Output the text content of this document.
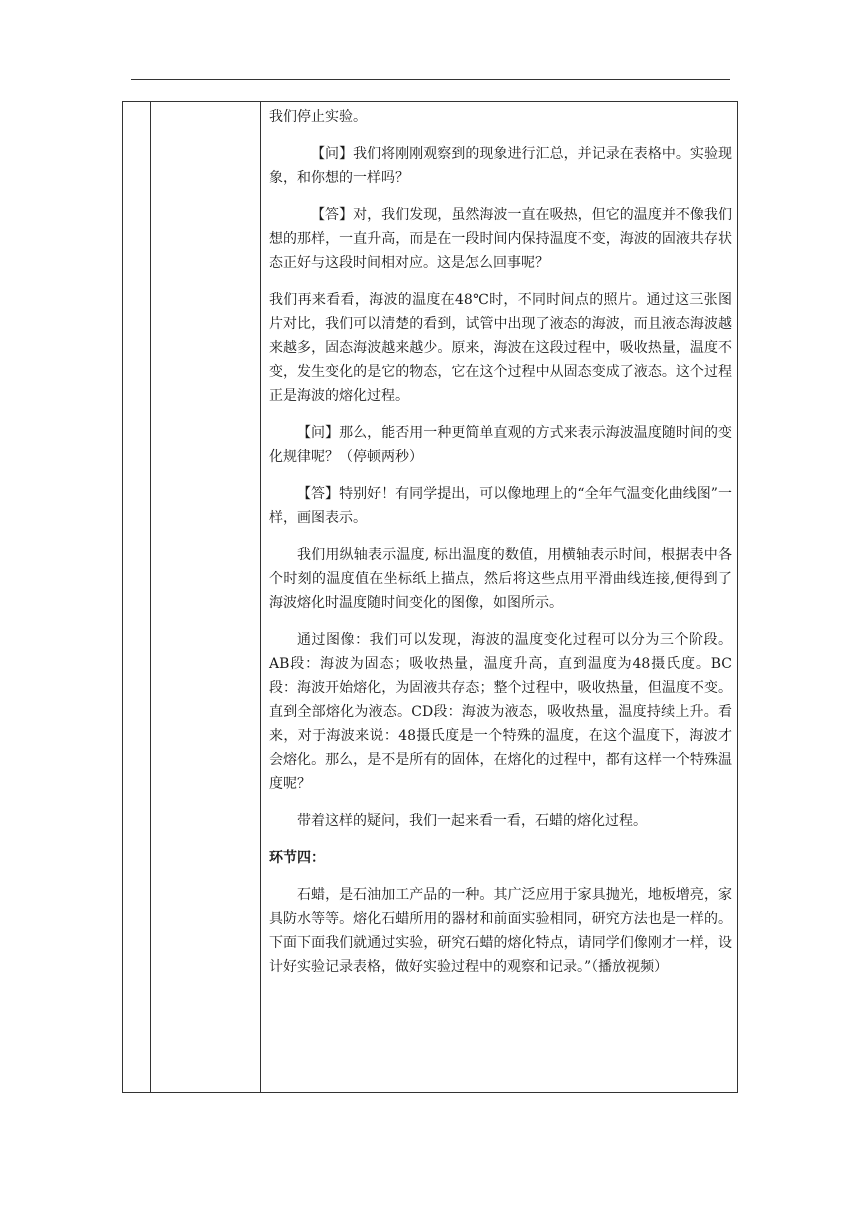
我们停止实验。

【问】我们将刚刚观察到的现象进行汇总，并记录在表格中。实验现象，和你想的一样吗？

【答】对，我们发现，虽然海波一直在吸热，但它的温度并不像我们想的那样，一直升高，而是在一段时间内保持温度不变，海波的固液共存状态正好与这段时间相对应。这是怎么回事呢？

我们再来看看，海波的温度在48℃时，不同时间点的照片。通过这三张图片对比，我们可以清楚的看到，试管中出现了液态的海波，而且液态海波越来越多，固态海波越来越少。原来，海波在这段过程中，吸收热量，温度不变，发生变化的是它的物态，它在这个过程中从固态变成了液态。这个过程正是海波的熔化过程。

【问】那么，能否用一种更简单直观的方式来表示海波温度随时间的变化规律呢？（停顿两秒）

【答】特别好！有同学提出，可以像地理上的“全年气温变化曲线图”一样，画图表示。

我们用纵轴表示温度, 标出温度的数值，用横轴表示时间，根据表中各个时刻的温度值在坐标纸上描点，然后将这些点用平滑曲线连接,便得到了海波熔化时温度随时间变化的图像，如图所示。

通过图像：我们可以发现，海波的温度变化过程可以分为三个阶段。AB段：海波为固态；吸收热量，温度升高，直到温度为48摄氏度。BC段：海波开始熔化，为固液共存态；整个过程中，吸收热量，但温度不变。直到全部熔化为液态。CD段：海波为液态，吸收热量，温度持续上升。看来，对于海波来说：48摄氏度是一个特殊的温度，在这个温度下，海波才会熔化。那么，是不是所有的固体，在熔化的过程中，都有这样一个特殊温度呢？

带着这样的疑问，我们一起来看一看，石蜡的熔化过程。

环节四：

石蜡，是石油加工产品的一种。其广泛应用于家具抛光，地板增亮，家具防水等等。熔化石蜡所用的器材和前面实验相同，研究方法也是一样的。下面下面我们就通过实验，研究石蜡的熔化特点，请同学们像刚才一样，设计好实验记录表格，做好实验过程中的观察和记录。”（播放视频）
